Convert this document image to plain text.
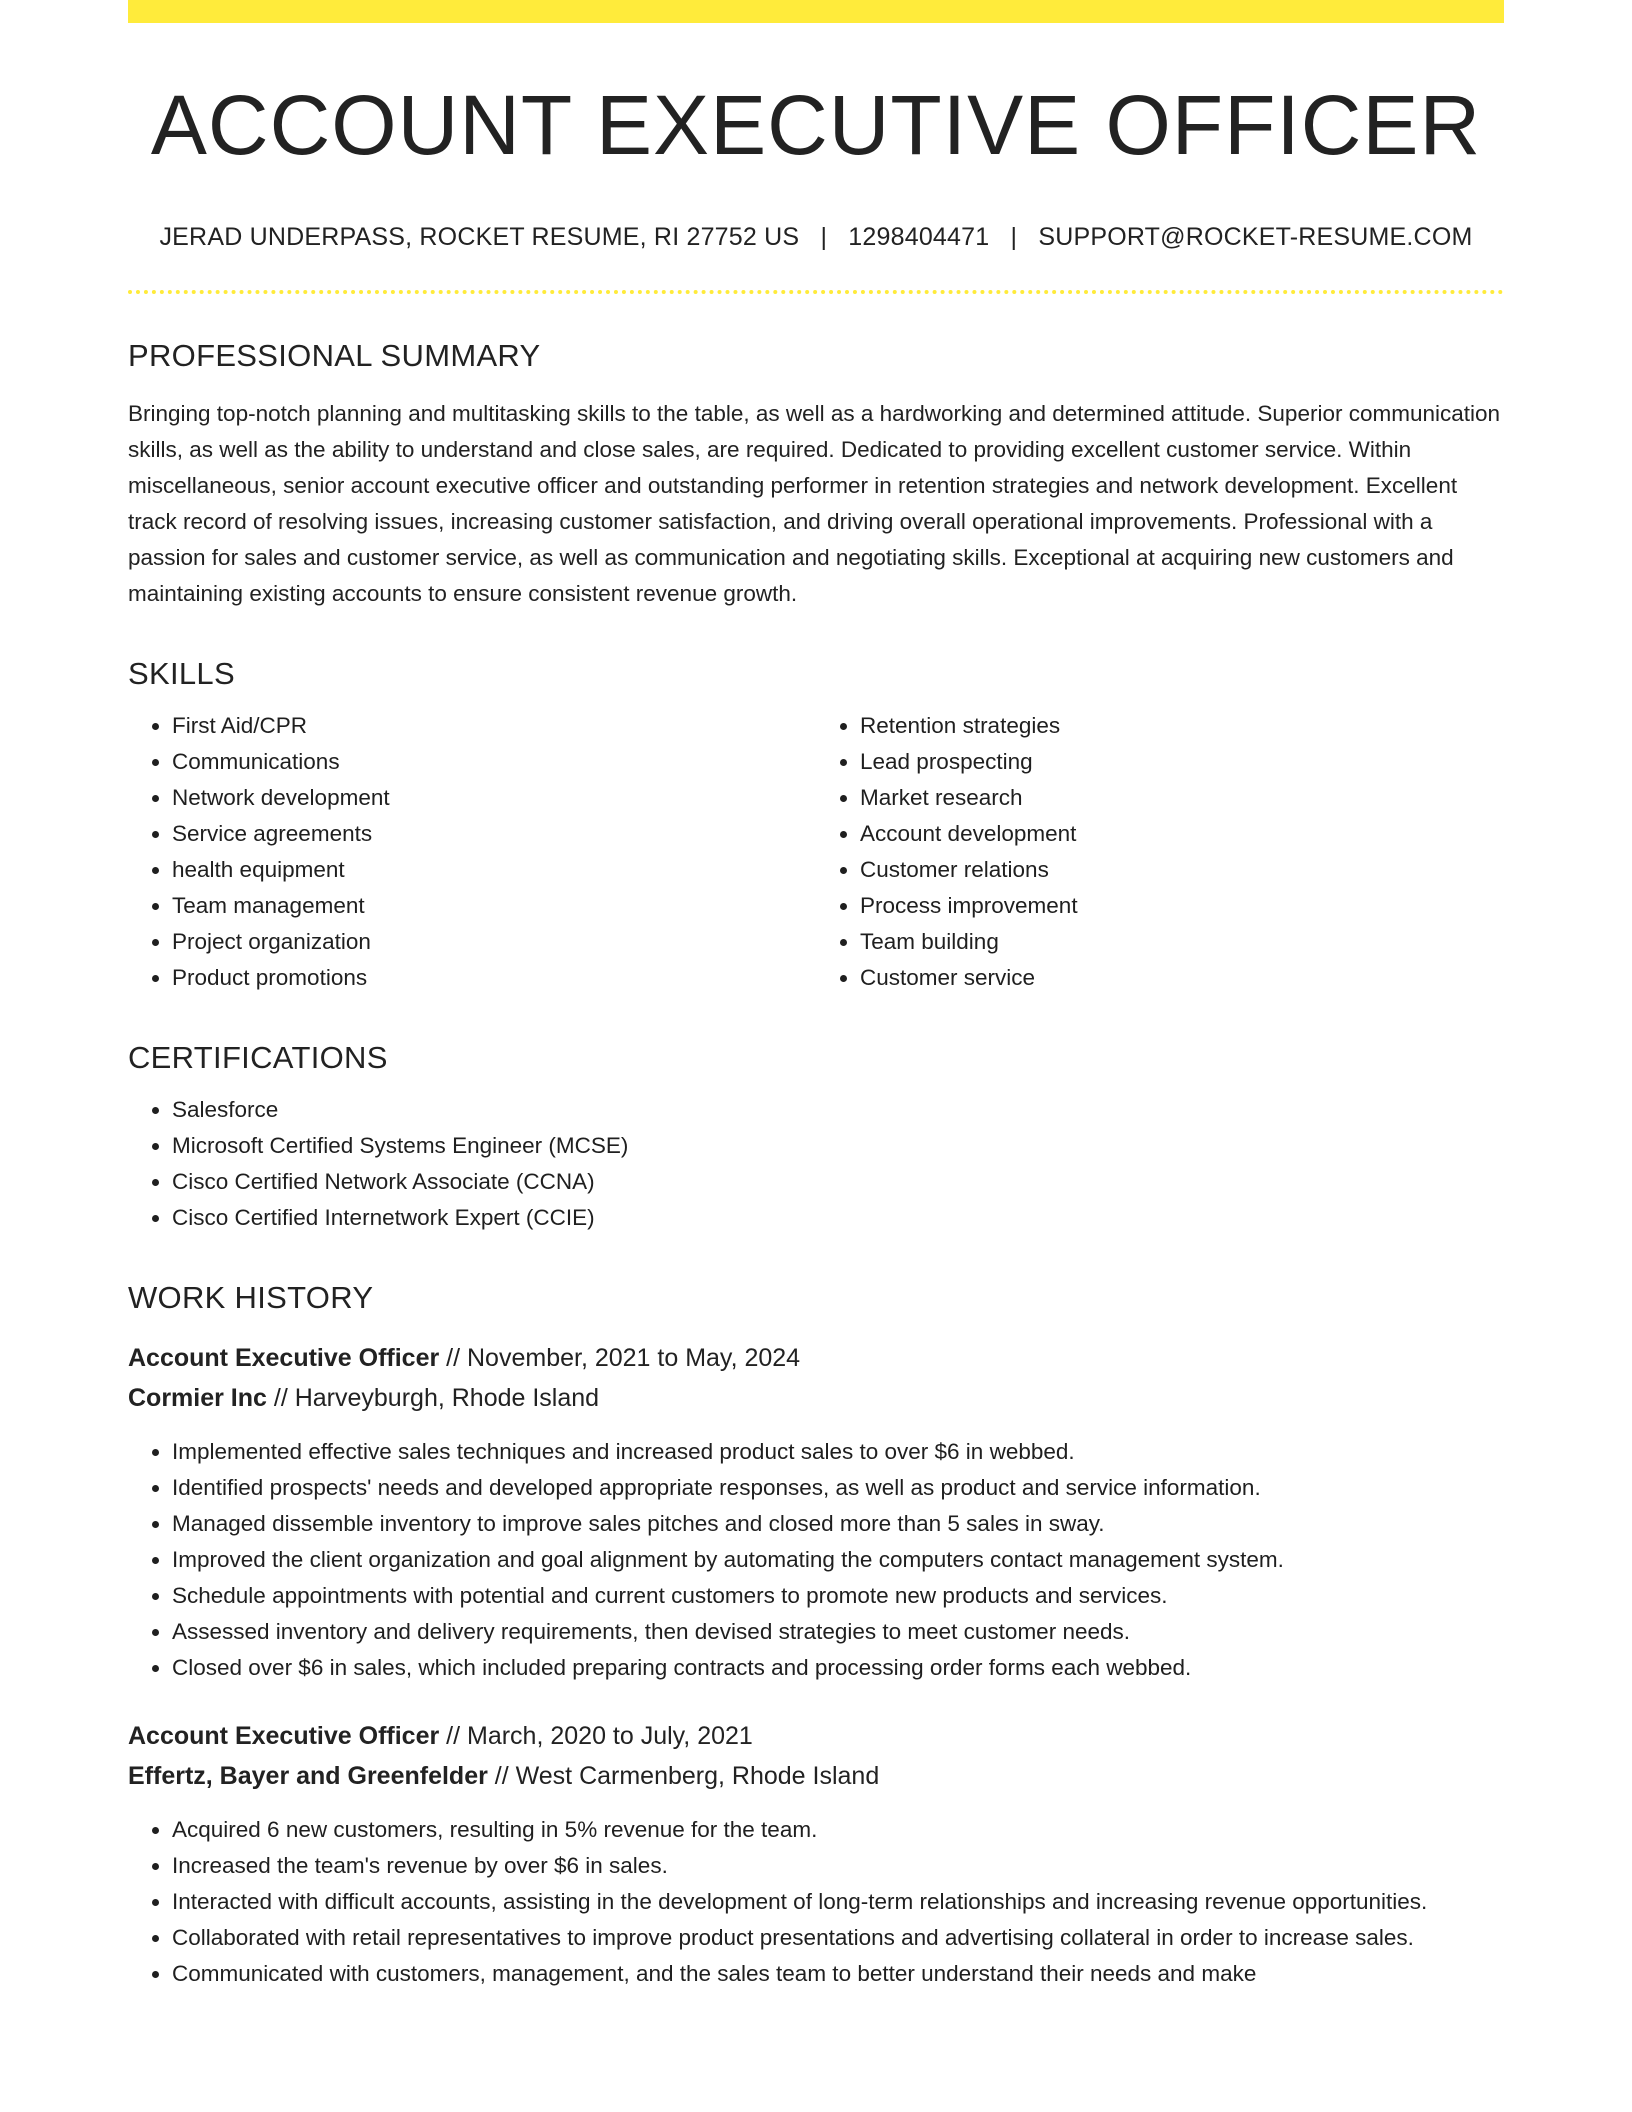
ACCOUNT EXECUTIVE OFFICER
JERAD UNDERPASS, ROCKET RESUME, RI 27752 US | 1298404471 | SUPPORT@ROCKET-RESUME.COM
PROFESSIONAL SUMMARY
Bringing top-notch planning and multitasking skills to the table, as well as a hardworking and determined attitude. Superior communication skills, as well as the ability to understand and close sales, are required. Dedicated to providing excellent customer service. Within miscellaneous, senior account executive officer and outstanding performer in retention strategies and network development. Excellent track record of resolving issues, increasing customer satisfaction, and driving overall operational improvements. Professional with a passion for sales and customer service, as well as communication and negotiating skills. Exceptional at acquiring new customers and maintaining existing accounts to ensure consistent revenue growth.
SKILLS
• First Aid/CPR
• Communications
• Network development
• Service agreements
• health equipment
• Team management
• Project organization
• Product promotions
• Retention strategies
• Lead prospecting
• Market research
• Account development
• Customer relations
• Process improvement
• Team building
• Customer service
CERTIFICATIONS
• Salesforce
• Microsoft Certified Systems Engineer (MCSE)
• Cisco Certified Network Associate (CCNA)
• Cisco Certified Internetwork Expert (CCIE)
WORK HISTORY
Account Executive Officer // November, 2021 to May, 2024
Cormier Inc // Harveyburgh, Rhode Island
• Implemented effective sales techniques and increased product sales to over $6 in webbed.
• Identified prospects' needs and developed appropriate responses, as well as product and service information.
• Managed dissemble inventory to improve sales pitches and closed more than 5 sales in sway.
• Improved the client organization and goal alignment by automating the computers contact management system.
• Schedule appointments with potential and current customers to promote new products and services.
• Assessed inventory and delivery requirements, then devised strategies to meet customer needs.
• Closed over $6 in sales, which included preparing contracts and processing order forms each webbed.
Account Executive Officer // March, 2020 to July, 2021
Effertz, Bayer and Greenfelder // West Carmenberg, Rhode Island
• Acquired 6 new customers, resulting in 5% revenue for the team.
• Increased the team's revenue by over $6 in sales.
• Interacted with difficult accounts, assisting in the development of long-term relationships and increasing revenue opportunities.
• Collaborated with retail representatives to improve product presentations and advertising collateral in order to increase sales.
• Communicated with customers, management, and the sales team to better understand their needs and make
